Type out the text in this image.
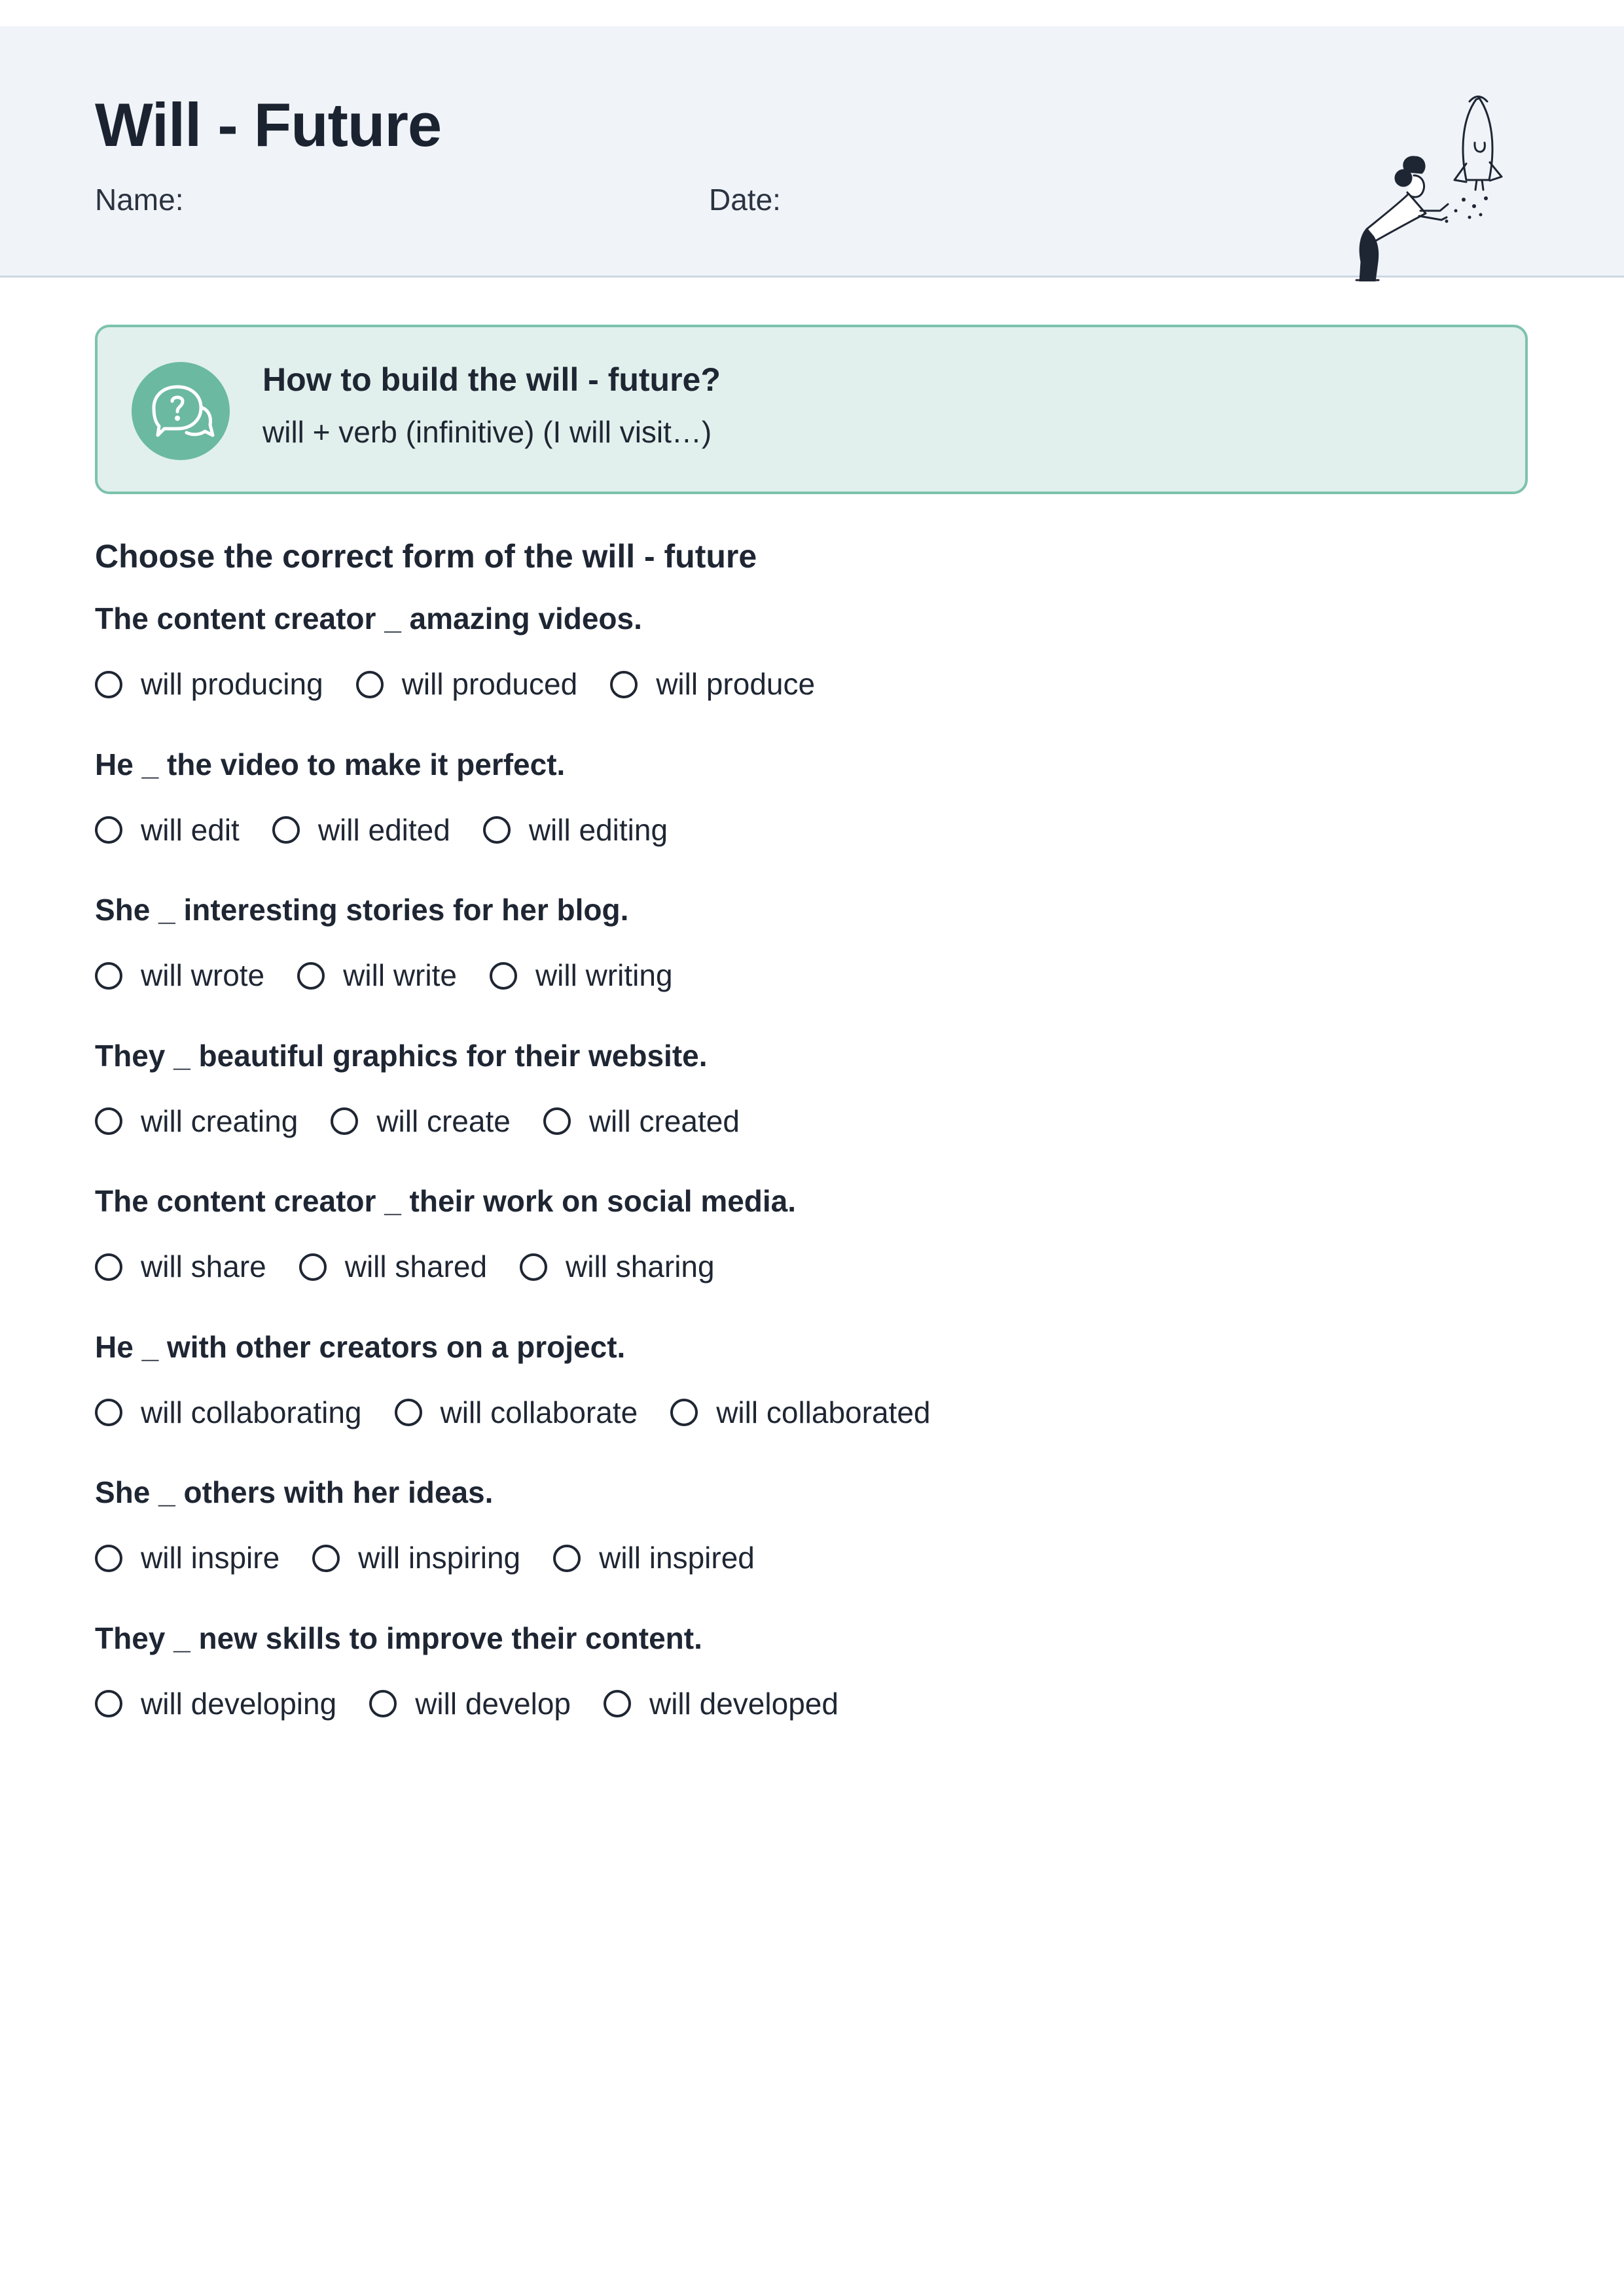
Will - Future
Name:	Date:
How to build the will - future?
will + verb (infinitive) (I will visit…)
Choose the correct form of the will - future
The content creator _ amazing videos.
will producing	will produced	will produce
He _ the video to make it perfect.
will edit	will edited	will editing
She _ interesting stories for her blog.
will wrote	will write	will writing
They _ beautiful graphics for their website.
will creating	will create	will created
The content creator _ their work on social media.
will share	will shared	will sharing
He _ with other creators on a project.
will collaborating	will collaborate	will collaborated
She _ others with her ideas.
will inspire	will inspiring	will inspired
They _ new skills to improve their content.
will developing	will develop	will developed
